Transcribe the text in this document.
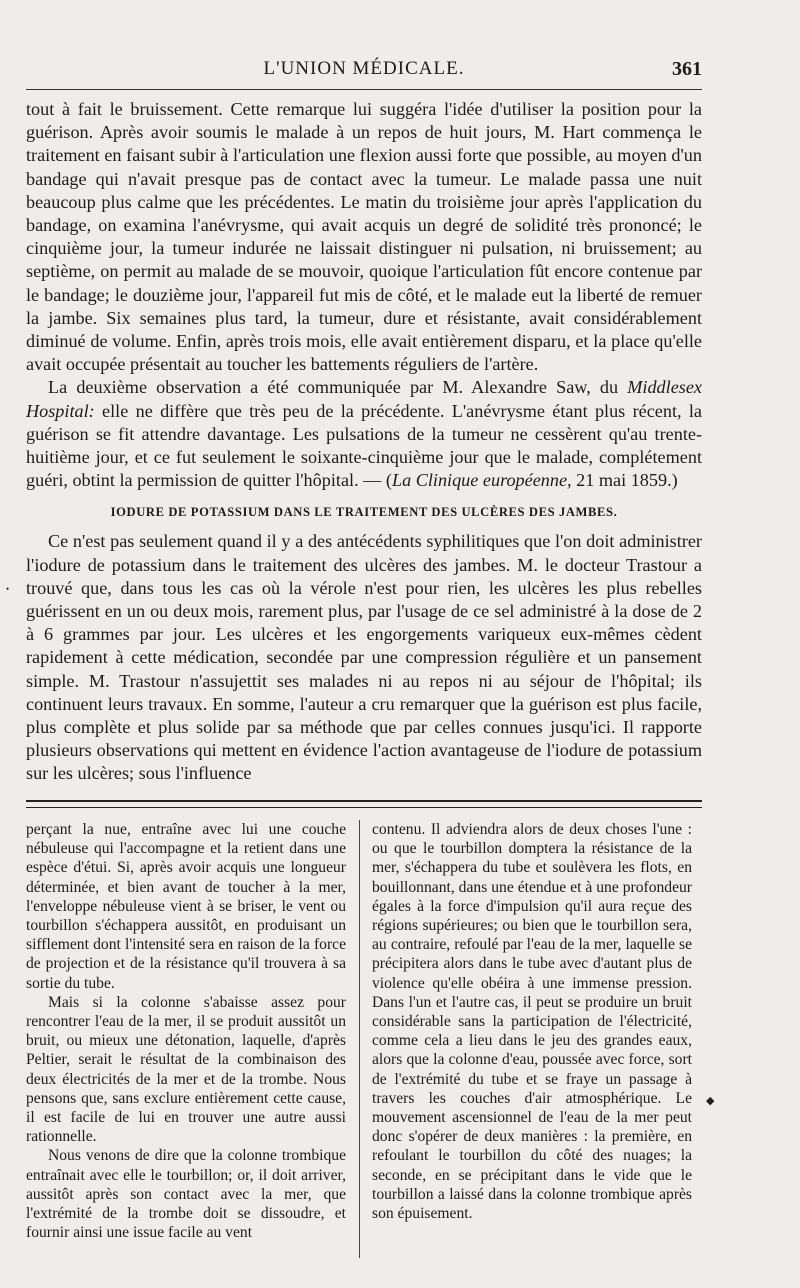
L'UNION MÉDICALE.	361
•

tout à fait le bruissement. Cette remarque lui suggéra l'idée d'utiliser la position pour la guérison. Après avoir soumis le malade à un repos de huit jours, M. Hart commença le traitement en faisant subir à l'articulation une flexion aussi forte que possible, au moyen d'un bandage qui n'avait presque pas de contact avec la tumeur. Le malade passa une nuit beaucoup plus calme que les précédentes. Le matin du troisième jour après l'application du bandage, on examina l'anévrysme, qui avait acquis un degré de solidité très prononcé; le cinquième jour, la tumeur indurée ne laissait distinguer ni pulsation, ni bruissement; au septième, on permit au malade de se mouvoir, quoique l'articulation fût encore contenue par le bandage; le douzième jour, l'appareil fut mis de côté, et le malade eut la liberté de remuer la jambe. Six semaines plus tard, la tumeur, dure et résistante, avait considérablement diminué de volume. Enfin, après trois mois, elle avait entièrement disparu, et la place qu'elle avait occupée présentait au toucher les battements réguliers de l'artère.

La deuxième observation a été communiquée par M. Alexandre Saw, du Middlesex Hospital: elle ne diffère que très peu de la précédente. L'anévrysme étant plus récent, la guérison se fit attendre davantage. Les pulsations de la tumeur ne cessèrent qu'au trente-huitième jour, et ce fut seulement le soixante-cinquième jour que le malade, complétement guéri, obtint la permission de quitter l'hôpital. — (La Clinique européenne, 21 mai 1859.)

IODURE DE POTASSIUM DANS LE TRAITEMENT DES ULCÈRES DES JAMBES.

Ce n'est pas seulement quand il y a des antécédents syphilitiques que l'on doit administrer l'iodure de potassium dans le traitement des ulcères des jambes. M. le docteur Trastour a trouvé que, dans tous les cas où la vérole n'est pour rien, les ulcères les plus rebelles guérissent en un ou deux mois, rarement plus, par l'usage de ce sel administré à la dose de 2 à 6 grammes par jour. Les ulcères et les engorgements variqueux eux-mêmes cèdent rapidement à cette médication, secondée par une compression régulière et un pansement simple. M. Trastour n'assujettit ses malades ni au repos ni au séjour de l'hôpital; ils continuent leurs travaux. En somme, l'auteur a cru remarquer que la guérison est plus facile, plus complète et plus solide par sa méthode que par celles connues jusqu'ici. Il rapporte plusieurs observations qui mettent en évidence l'action avantageuse de l'iodure de potassium sur les ulcères; sous l'influence

perçant la nue, entraîne avec lui une couche nébuleuse qui l'accompagne et la retient dans une espèce d'étui. Si, après avoir acquis une longueur déterminée, et bien avant de toucher à la mer, l'enveloppe nébuleuse vient à se briser, le vent ou tourbillon s'échappera aussitôt, en produisant un sifflement dont l'intensité sera en raison de la force de projection et de la résistance qu'il trouvera à sa sortie du tube.

Mais si la colonne s'abaisse assez pour rencontrer l'eau de la mer, il se produit aussitôt un bruit, ou mieux une détonation, laquelle, d'après Peltier, serait le résultat de la combinaison des deux électricités de la mer et de la trombe. Nous pensons que, sans exclure entièrement cette cause, il est facile de lui en trouver une autre aussi rationnelle.

Nous venons de dire que la colonne trombique entraînait avec elle le tourbillon; or, il doit arriver, aussitôt après son contact avec la mer, que l'extrémité de la trombe doit se dissoudre, et fournir ainsi une issue facile au vent

contenu. Il adviendra alors de deux choses l'une : ou que le tourbillon domptera la résistance de la mer, s'échappera du tube et soulèvera les flots, en bouillonnant, dans une étendue et à une profondeur égales à la force d'impulsion qu'il aura reçue des régions supérieures; ou bien que le tourbillon sera, au contraire, refoulé par l'eau de la mer, laquelle se précipitera alors dans le tube avec d'autant plus de violence qu'elle obéira à une immense pression. Dans l'un et l'autre cas, il peut se produire un bruit considérable sans la participation de l'électricité, comme cela a lieu dans le jeu des grandes eaux, alors que la colonne d'eau, poussée avec force, sort de l'extrémité du tube et se fraye un passage à travers les couches d'air atmosphérique. Le mouvement ascensionnel de l'eau de la mer peut donc s'opérer de deux manières : la première, en refoulant le tourbillon du côté des nuages; la seconde, en se précipitant dans le vide que le tourbillon a laissé dans la colonne trombique après son épuisement.

◆
